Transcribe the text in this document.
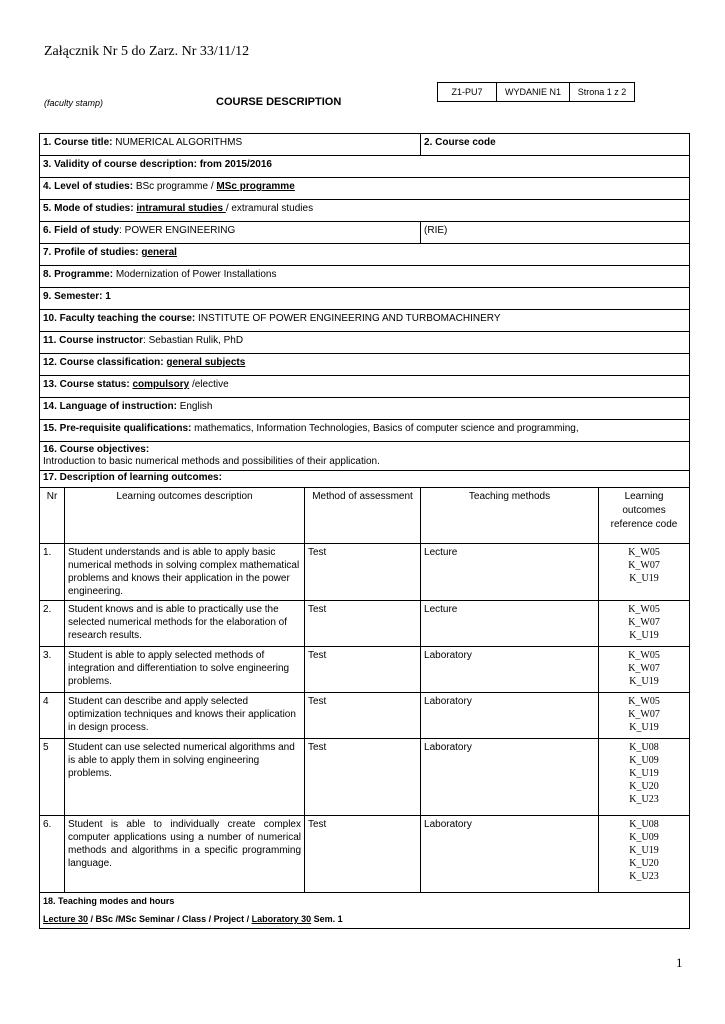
Załącznik Nr 5 do Zarz. Nr 33/11/12
Z1-PU7	WYDANIE N1	Strona 1 z 2
(faculty stamp)	COURSE DESCRIPTION
1. Course title: NUMERICAL ALGORITHMS			2. Course code	
3. Validity of course description: from 2015/2016				
4. Level of studies: BSc programme / MSc programme				
5. Mode of studies: intramural studies / extramural studies				
6. Field of study: POWER ENGINEERING			(RIE)	
7. Profile of studies: general				
8. Programme: Modernization of Power Installations				
9. Semester: 1				
10. Faculty teaching the course: INSTITUTE OF POWER ENGINEERING AND TURBOMACHINERY				
11. Course instructor: Sebastian Rulik, PhD				
12. Course classification: general subjects				
13. Course status: compulsory /elective				
14. Language of instruction: English				
15. Pre-requisite qualifications: mathematics, Information Technologies, Basics of computer science and programming,				

16. Course objectives:
Introduction to basic numerical methods and possibilities of their application.				

17. Description of learning outcomes:				
Nr	Learning outcomes description	Method of assessment	Teaching methods	Learning outcomes reference code
1.	Student understands and is able to apply basic numerical methods in solving complex mathematical problems and knows their application in the power engineering.	Test	Lecture	K_W05
K_W07
K_U19
2.	Student knows and is able to practically use the selected numerical methods for the elaboration of research results.	Test	Lecture	K_W05
K_W07
K_U19
3.	Student is able to apply selected methods of integration and differentiation to solve engineering problems.	Test	Laboratory	K_W05
K_W07
K_U19
4	Student can describe and apply selected optimization techniques and knows their application in design process.	Test	Laboratory	K_W05
K_W07
K_U19
5	Student can use selected numerical algorithms and is able to apply them in solving engineering problems.	Test	Laboratory	K_U08
K_U09
K_U19
K_U20
K_U23
6.	Student is able to individually create complex computer applications using a number of numerical methods and algorithms in a specific programming language.	Test	Laboratory	K_U08
K_U09
K_U19
K_U20
K_U23

18. Teaching modes and hours
Lecture 30 / BSc /MSc Seminar / Class / Project / Laboratory 30 Sem. 1				
1
